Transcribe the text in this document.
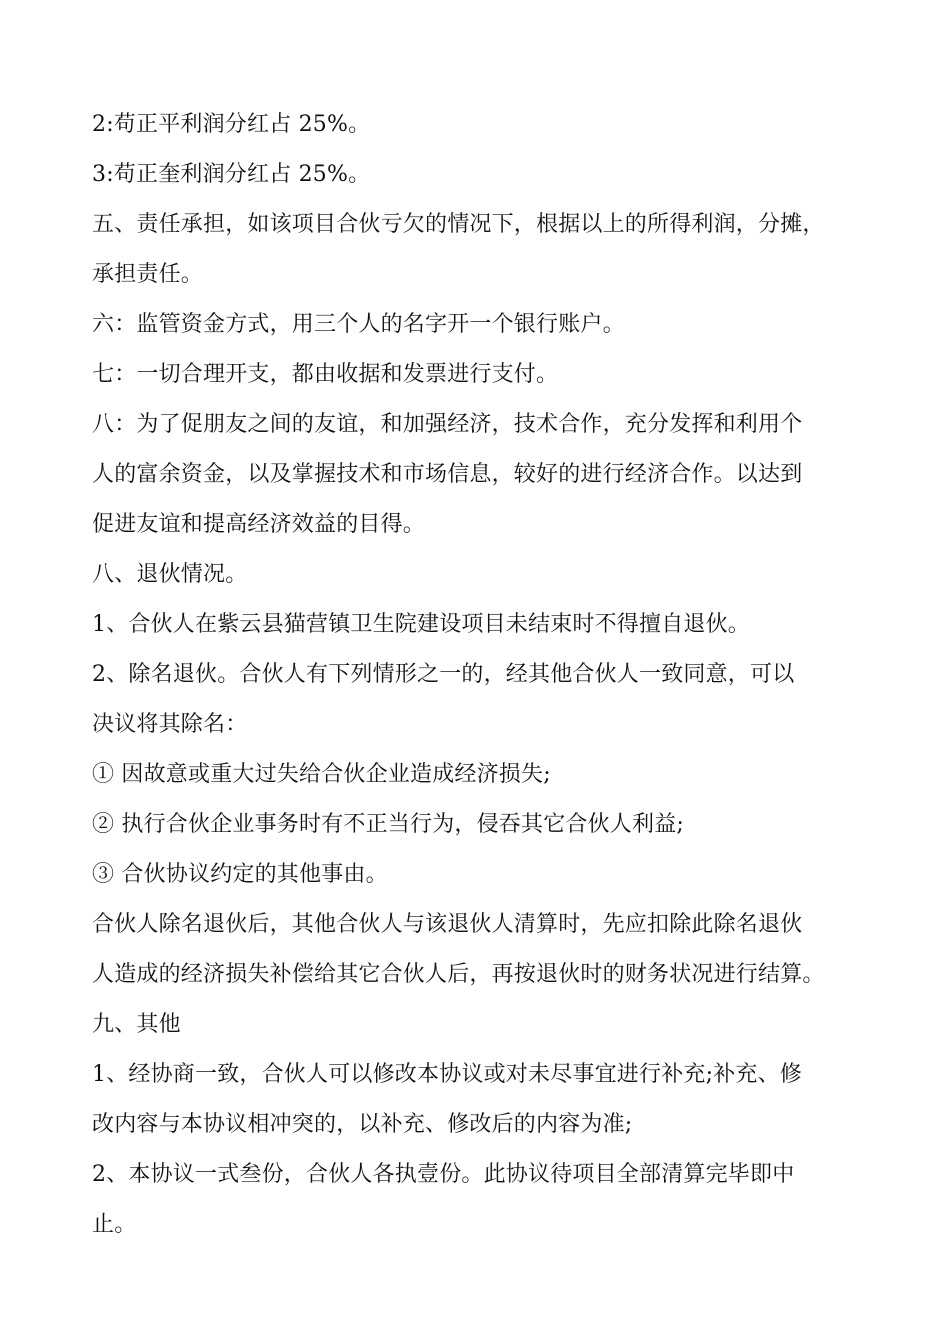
2:苟正平利润分红占 25%。
3:苟正奎利润分红占 25%。
五、责任承担，如该项目合伙亏欠的情况下，根据以上的所得利润，分摊，
承担责任。
六：监管资金方式，用三个人的名字开一个银行账户。
七：一切合理开支，都由收据和发票进行支付。
八：为了促朋友之间的友谊，和加强经济，技术合作，充分发挥和利用个
人的富余资金，以及掌握技术和市场信息，较好的进行经济合作。以达到
促进友谊和提高经济效益的目得。
八、退伙情况。
1、合伙人在紫云县猫营镇卫生院建设项目未结束时不得擅自退伙。
2、除名退伙。合伙人有下列情形之一的，经其他合伙人一致同意，可以
决议将其除名：
① 因故意或重大过失给合伙企业造成经济损失;
② 执行合伙企业事务时有不正当行为，侵吞其它合伙人利益;
③ 合伙协议约定的其他事由。
合伙人除名退伙后，其他合伙人与该退伙人清算时，先应扣除此除名退伙
人造成的经济损失补偿给其它合伙人后，再按退伙时的财务状况进行结算。
九、其他
1、经协商一致，合伙人可以修改本协议或对未尽事宜进行补充;补充、修
改内容与本协议相冲突的，以补充、修改后的内容为准;
2、本协议一式叁份，合伙人各执壹份。此协议待项目全部清算完毕即中
止。
